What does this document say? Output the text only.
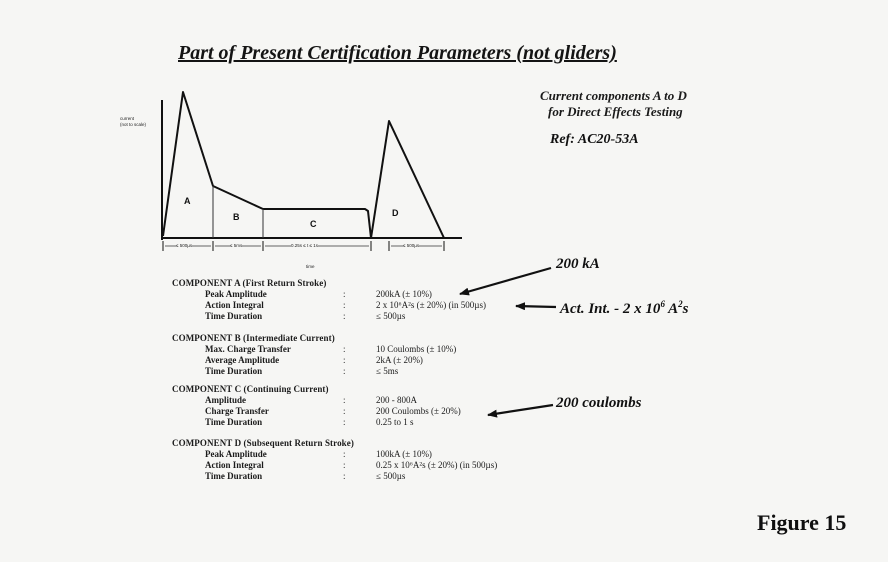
Part of Present Certification Parameters (not gliders)
Current components A to D
for Direct Effects Testing
Ref: AC20-53A
current
(not to scale)
time
A
B
C
D
≤ 500µs	≤ 5ms	0.25s ≤ t ≤ 1s	≤ 500µs
COMPONENT A (First Return Stroke)
Peak Amplitude	:	200kA (± 10%)
Action Integral	:	2 x 10⁶A²s (± 20%) (in 500µs)
Time Duration	:	≤ 500µs
COMPONENT B (Intermediate Current)
Max. Charge Transfer	:	10 Coulombs (± 10%)
Average Amplitude	:	2kA (± 20%)
Time Duration	:	≤ 5ms
COMPONENT C (Continuing Current)
Amplitude	:	200 - 800A
Charge Transfer	:	200 Coulombs (± 20%)
Time Duration	:	0.25 to 1 s
COMPONENT D (Subsequent Return Stroke)
Peak Amplitude	:	100kA (± 10%)
Action Integral	:	0.25 x 10⁶A²s (± 20%) (in 500µs)
Time Duration	:	≤ 500µs
200 kA
Act. Int. - 2 x $10^6$ $A^2s$
200 coulombs
Figure 15
